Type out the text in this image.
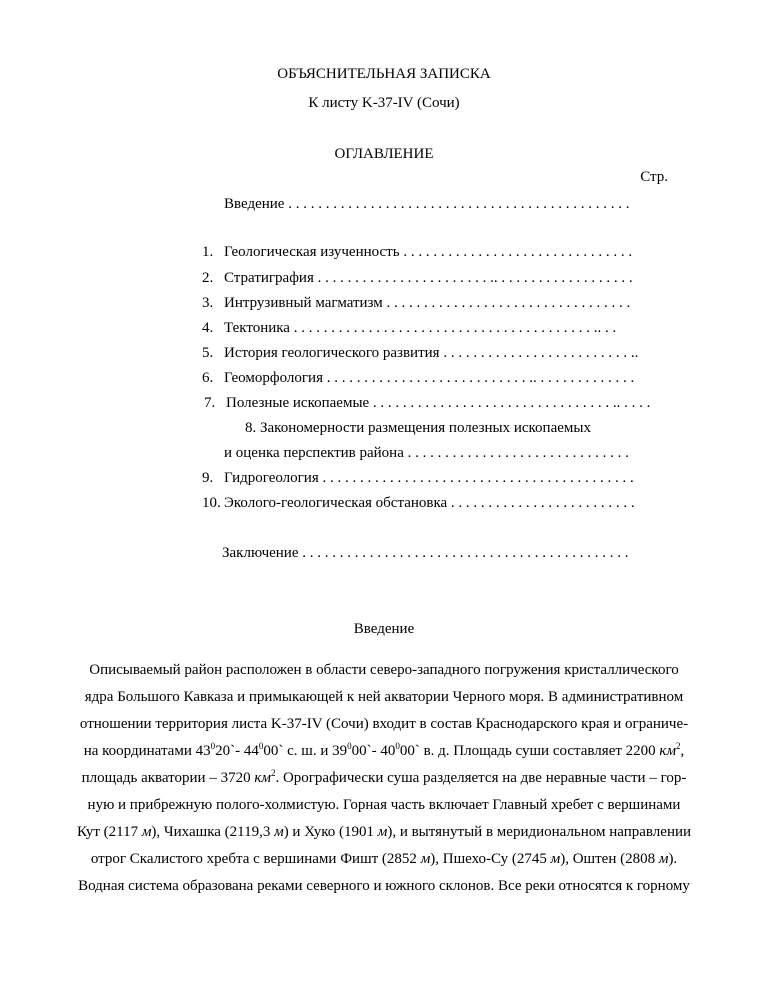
ОБЪЯСНИТЕЛЬНАЯ ЗАПИСКА
К листу K-37-IV (Сочи)
ОГЛАВЛЕНИЕ
Стр.
Введение . . . . . . . . . . . . . . . . . . . . . . . . . . . . . . . . . . . . . . . . . . . . . .
1. Геологическая изученность . . . . . . . . . . . . . . . . . . . . . . . . . . . . . . .
2. Стратиграфия . . . . . . . . . . . . . . . . . . . . . . . .. . . . . . . . . . . . . . . . . . .
3. Интрузивный магматизм . . . . . . . . . . . . . . . . . . . . . . . . . . . . . . . . .
4. Тектоника . . . . . . . . . . . . . . . . . . . . . . . . . . . . . . . . . . . . . . . . .. . .
5. История геологического развития . . . . . . . . . . . . . . . . . . . . . . . . . ..
6. Геоморфология . . . . . . . . . . . . . . . . . . . . . . . . . . . .. . . . . . . . . . . . . .
7. Полезные ископаемые . . . . . . . . . . . . . . . . . . . . . . . . . . . . . . . . .. . . . .
8. Закономерности размещения полезных ископаемых
и оценка перспектив района . . . . . . . . . . . . . . . . . . . . . . . . . . . . . .
9. Гидрогеология . . . . . . . . . . . . . . . . . . . . . . . . . . . . . . . . . . . . . . . . . .
10. Эколого-геологическая обстановка . . . . . . . . . . . . . . . . . . . . . . . . .
Заключение . . . . . . . . . . . . . . . . . . . . . . . . . . . . . . . . . . . . . . . . . . . .
Введение
Описываемый район расположен в области северо-западного погружения кристаллического
ядра Большого Кавказа и примыкающей к ней акватории Черного моря. В административном
отношении территория листа K-37-IV (Сочи) входит в состав Краснодарского края и ограниче-
на координатами $43^020`-$ $44^000`$ с. ш. и $39^000`-$ $40^000`$ в. д. Площадь суши составляет 2200 $км^2$,
площадь акватории – 3720 $км^2$. Орографически суша разделяется на две неравные части – гор-
ную и прибрежную полого-холмистую. Горная часть включает Главный хребет с вершинами
Кут (2117 м), Чихашка (2119,3 м) и Хуко (1901 м), и вытянутый в меридиональном направлении
отрог Скалистого хребта с вершинами Фишт (2852 м), Пшехо-Су (2745 м), Оштен (2808 м).
Водная система образована реками северного и южного склонов. Все реки относятся к горному
